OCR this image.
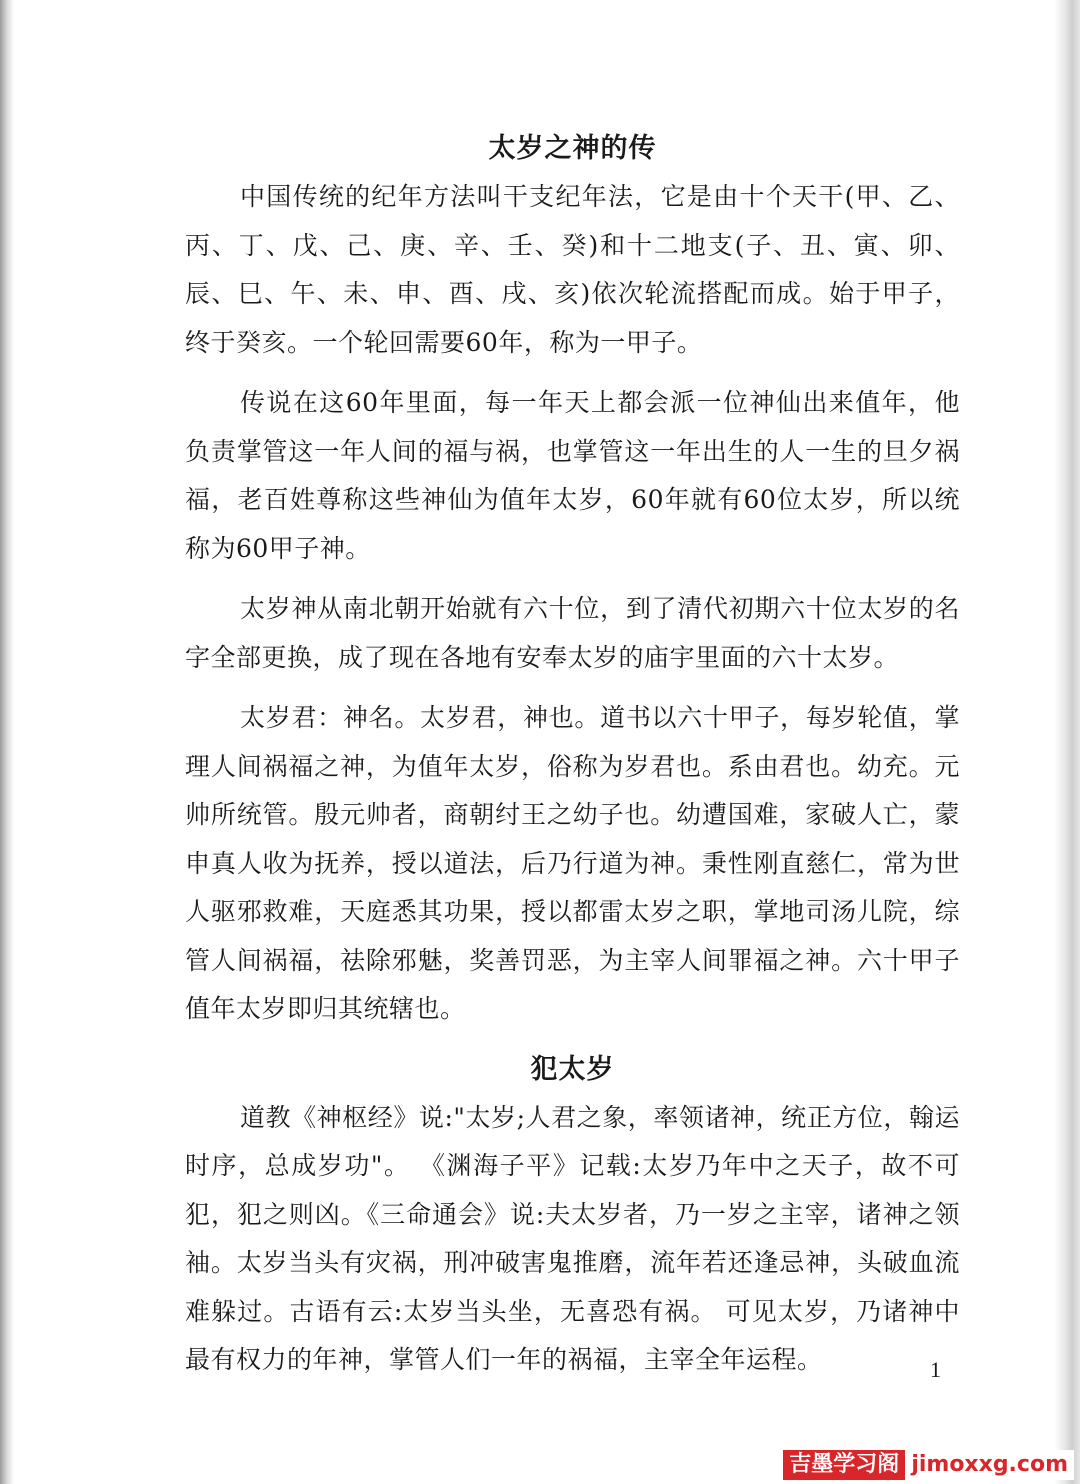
太岁之神的传

中国传统的纪年方法叫干支纪年法，它是由十个天干(甲、乙、丙、丁、戊、己、庚、辛、壬、癸)和十二地支(子、丑、寅、卯、辰、巳、午、未、申、酉、戌、亥)依次轮流搭配而成。始于甲子，终于癸亥。一个轮回需要60年，称为一甲子。

传说在这60年里面，每一年天上都会派一位神仙出来值年，他负责掌管这一年人间的福与祸，也掌管这一年出生的人一生的旦夕祸福，老百姓尊称这些神仙为值年太岁，60年就有60位太岁，所以统称为60甲子神。

太岁神从南北朝开始就有六十位，到了清代初期六十位太岁的名字全部更换，成了现在各地有安奉太岁的庙宇里面的六十太岁。

太岁君：神名。太岁君，神也。道书以六十甲子，每岁轮值，掌理人间祸福之神，为值年太岁，俗称为岁君也。系由君也。幼充。元帅所统管。殷元帅者，商朝纣王之幼子也。幼遭国难，家破人亡，蒙申真人收为抚养，授以道法，后乃行道为神。秉性刚直慈仁，常为世人驱邪救难，天庭悉其功果，授以都雷太岁之职，掌地司汤儿院，综管人间祸福，祛除邪魅，奖善罚恶，为主宰人间罪福之神。六十甲子值年太岁即归其统辖也。

犯太岁

道教《神枢经》说:"太岁;人君之象，率领诸神，统正方位，翰运时序，总成岁功"。 《渊海子平》记载:太岁乃年中之天子，故不可犯，犯之则凶。《三命通会》说:夫太岁者，乃一岁之主宰，诸神之领袖。太岁当头有灾祸，刑冲破害鬼推磨，流年若还逢忌神，头破血流难躲过。古语有云:太岁当头坐，无喜恐有祸。 可见太岁，乃诸神中最有权力的年神，掌管人们一年的祸福，主宰全年运程。	1
吉墨学习阁 jimoxxg.com
